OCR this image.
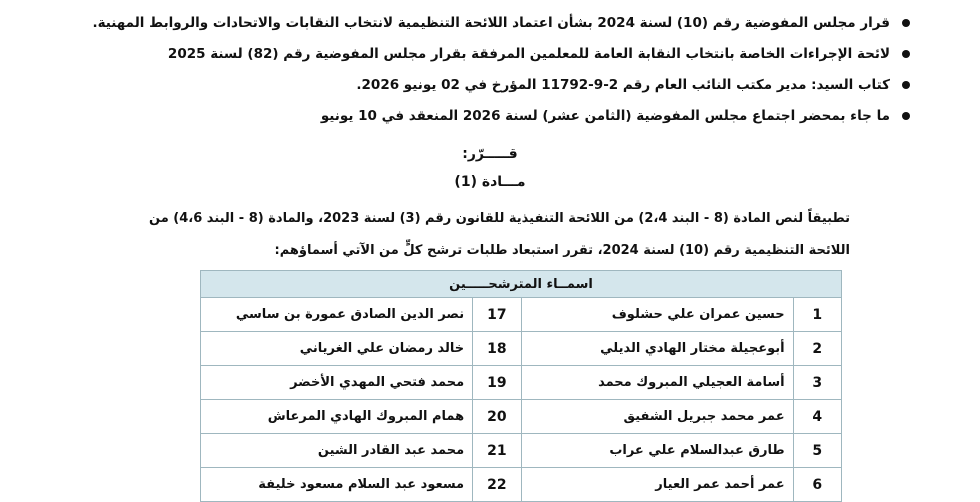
قرار مجلس المفوضية رقم (10) لسنة 2024 بشأن اعتماد اللائحة التنظيمية لانتخاب النقابات والاتحادات والروابط المهنية.
لائحة الإجراءات الخاصة بانتخاب النقابة العامة للمعلمين المرفقة بقرار مجلس المفوضية رقم (82) لسنة 2025
كتاب السيد: مدير مكتب النائب العام رقم 2-9-11792 المؤرخ في 02 يونيو 2026.
ما جاء بمحضر اجتماع مجلس المفوضية (الثامن عشر) لسنة 2026 المنعقد في 10 يونيو
قـــــرّر:
مـــادة (1)
تطبيقاً لنص المادة (8 - البند 2،4) من اللائحة التنفيذية للقانون رقم (3) لسنة 2023، والمادة (8 - البند 4،6) من
اللائحة التنظيمية رقم (10) لسنة 2024، تقرر استبعاد طلبات ترشح كلٍّ من الآتي أسماؤهم:
اسمــاء المترشحـــــين			
1	حسين عمران علي حشلوف	17	نصر الدين الصادق عمورة بن ساسي
2	أبوعجيلة مختار الهادي الديلي	18	خالد رمضان علي الغرياني
3	أسامة العجيلي المبروك محمد	19	محمد فتحي المهدي الأخضر
4	عمر محمد جبريل الشفيق	20	همام المبروك الهادي المرعاش
5	طارق عبدالسلام علي عراب	21	محمد عبد القادر الشين
6	عمر أحمد عمر العيار	22	مسعود عبد السلام مسعود خليفة
